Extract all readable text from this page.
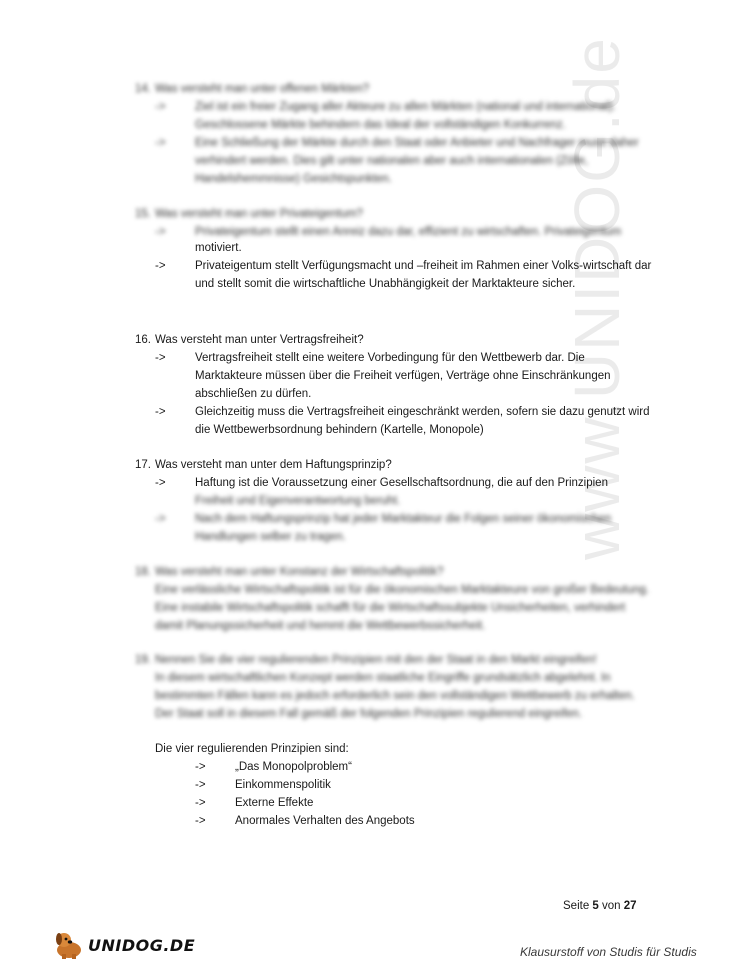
www.UNIDOG.de
14. Was versteht man unter offenen Märkten?
->	Ziel ist ein freier Zugang aller Akteure zu allen Märkten (national und international). Geschlossene Märkte behindern das Ideal der vollständigen Konkurrenz.
->	Eine Schließung der Märkte durch den Staat oder Anbieter und Nachfrager muss daher verhindert werden. Dies gilt unter nationalen aber auch internationalen (Zölle, Handelshemmnisse) Gesichtspunkten.
15. Was versteht man unter Privateigentum?
->	Privateigentum stellt einen Anreiz dazu dar, effizient zu wirtschaften. Privateigentum
motiviert.
->	Privateigentum stellt Verfügungsmacht und –freiheit im Rahmen einer Volks-wirtschaft dar und stellt somit die wirtschaftliche Unabhängigkeit der Marktakteure sicher.
16. Was versteht man unter Vertragsfreiheit?
->	Vertragsfreiheit stellt eine weitere Vorbedingung für den Wettbewerb dar. Die Marktakteure müssen über die Freiheit verfügen, Verträge ohne Einschränkungen abschließen zu dürfen.
->	Gleichzeitig muss die Vertragsfreiheit eingeschränkt werden, sofern sie dazu genutzt wird die Wettbewerbsordnung behindern (Kartelle, Monopole)
17. Was versteht man unter dem Haftungsprinzip?
->	Haftung ist die Voraussetzung einer Gesellschaftsordnung, die auf den Prinzipien
Freiheit und Eigenverantwortung beruht.
->	Nach dem Haftungsprinzip hat jeder Marktakteur die Folgen seiner ökonomischen Handlungen selber zu tragen.
18. Was versteht man unter Konstanz der Wirtschaftspolitik?
Eine verlässliche Wirtschaftspolitik ist für die ökonomischen Marktakteure von großer Bedeutung. Eine instabile Wirtschaftspolitik schafft für die Wirtschaftssubjekte Unsicherheiten, verhindert damit Planungssicherheit und hemmt die Wettbewerbssicherheit.
19. Nennen Sie die vier regulierenden Prinzipien mit den der Staat in den Markt eingreifen!
In diesem wirtschaftlichen Konzept werden staatliche Eingriffe grundsätzlich abgelehnt. In bestimmten Fällen kann es jedoch erforderlich sein den vollständigen Wettbewerb zu erhalten. Der Staat soll in diesem Fall gemäß der folgenden Prinzipien regulierend eingreifen.
Die vier regulierenden Prinzipien sind:
->	„Das Monopolproblem“
->	Einkommenspolitik
->	Externe Effekte
->	Anormales Verhalten des Angebots
Seite 5 von 27
UNIDOG.DE	Klausurstoff von Studis für Studis
